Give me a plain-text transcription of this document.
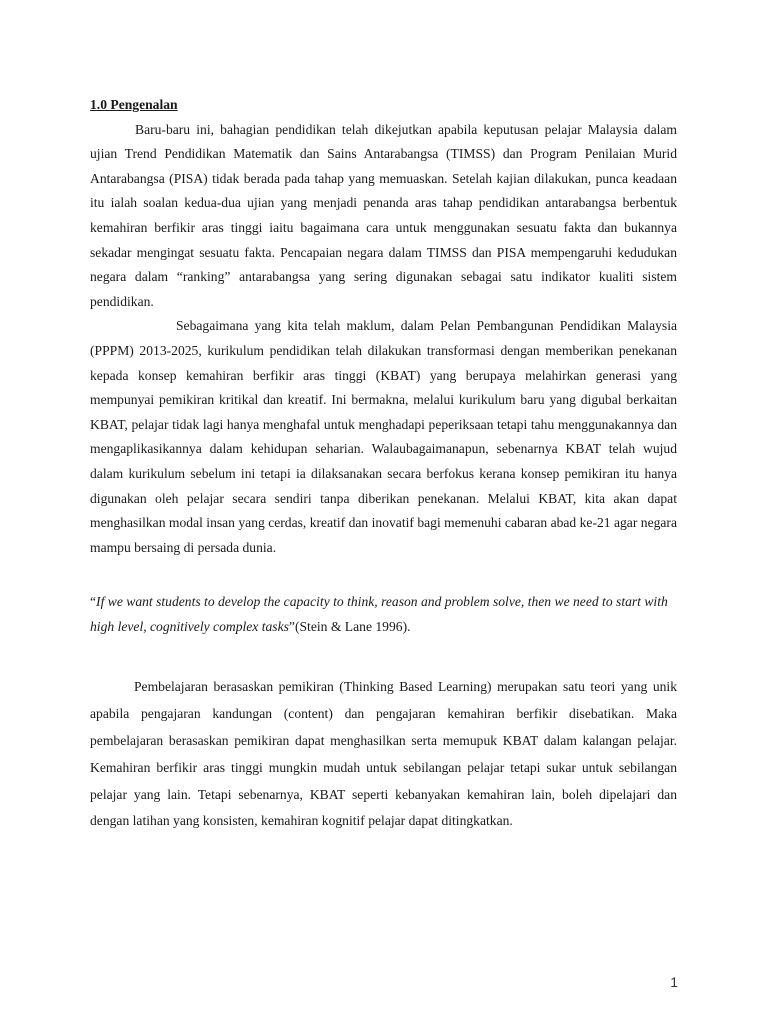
1.0 Pengenalan

Baru-baru ini, bahagian pendidikan telah dikejutkan apabila keputusan pelajar Malaysia dalam ujian Trend Pendidikan Matematik dan Sains Antarabangsa (TIMSS) dan Program Penilaian Murid Antarabangsa (PISA) tidak berada pada tahap yang memuaskan. Setelah kajian dilakukan, punca keadaan itu ialah soalan kedua-dua ujian yang menjadi penanda aras tahap pendidikan antarabangsa berbentuk kemahiran berfikir aras tinggi iaitu bagaimana cara untuk menggunakan sesuatu fakta dan bukannya sekadar mengingat sesuatu fakta. Pencapaian negara dalam TIMSS dan PISA mempengaruhi kedudukan negara dalam “ranking” antarabangsa yang sering digunakan sebagai satu indikator kualiti sistem pendidikan.

Sebagaimana yang kita telah maklum, dalam Pelan Pembangunan Pendidikan Malaysia (PPPM) 2013-2025, kurikulum pendidikan telah dilakukan transformasi dengan memberikan penekanan kepada konsep kemahiran berfikir aras tinggi (KBAT) yang berupaya melahirkan generasi yang mempunyai pemikiran kritikal dan kreatif. Ini bermakna, melalui kurikulum baru yang digubal berkaitan KBAT, pelajar tidak lagi hanya menghafal untuk menghadapi peperiksaan tetapi tahu menggunakannya dan mengaplikasikannya dalam kehidupan seharian. Walaubagaimanapun, sebenarnya KBAT telah wujud dalam kurikulum sebelum ini tetapi ia dilaksanakan secara berfokus kerana konsep pemikiran itu hanya digunakan oleh pelajar secara sendiri tanpa diberikan penekanan. Melalui KBAT, kita akan dapat menghasilkan modal insan yang cerdas, kreatif dan inovatif bagi memenuhi cabaran abad ke-21 agar negara mampu bersaing di persada dunia.

“If we want students to develop the capacity to think, reason and problem solve, then we need to start with high level, cognitively complex tasks”(Stein & Lane 1996).

Pembelajaran berasaskan pemikiran (Thinking Based Learning) merupakan satu teori yang unik apabila pengajaran kandungan (content) dan pengajaran kemahiran berfikir disebatikan. Maka pembelajaran berasaskan pemikiran dapat menghasilkan serta memupuk KBAT dalam kalangan pelajar. Kemahiran berfikir aras tinggi mungkin mudah untuk sebilangan pelajar tetapi sukar untuk sebilangan pelajar yang lain. Tetapi sebenarnya, KBAT seperti kebanyakan kemahiran lain, boleh dipelajari dan dengan latihan yang konsisten, kemahiran kognitif pelajar dapat ditingkatkan.

1
